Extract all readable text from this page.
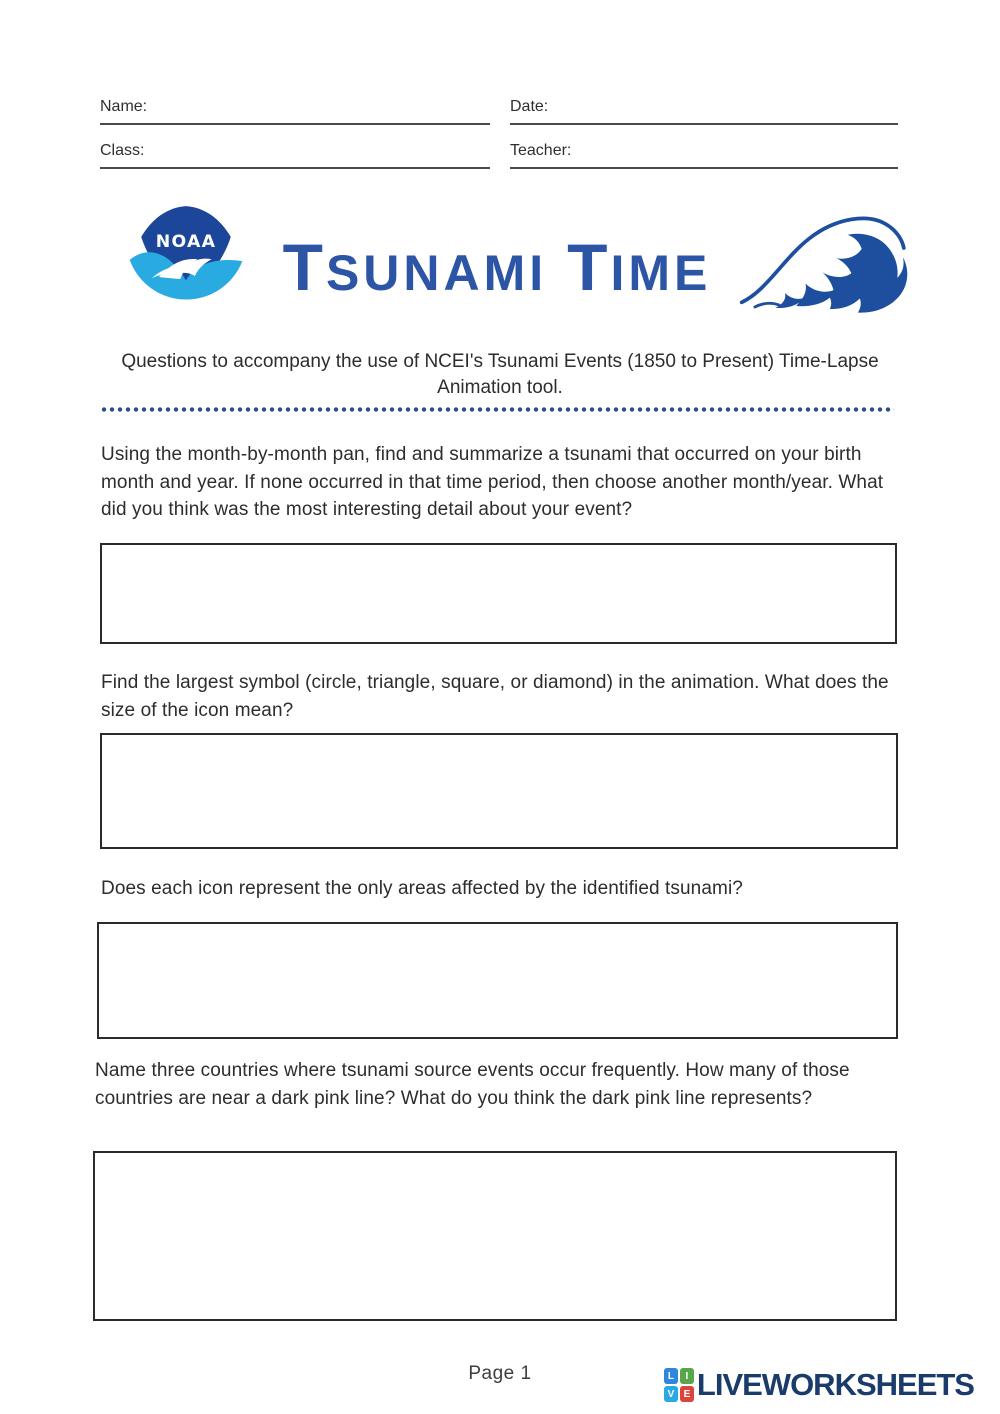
Name:	Date:
Class:	Teacher:
NOAA	TSUNAMI TIME
Questions to accompany the use of NCEI's Tsunami Events (1850 to Present) Time-Lapse Animation tool.
Using the month-by-month pan, find and summarize a tsunami that occurred on your birth month and year. If none occurred in that time period, then choose another month/year. What did you think was the most interesting detail about your event?
Find the largest symbol (circle, triangle, square, or diamond) in the animation. What does the size of the icon mean?
Does each icon represent the only areas affected by the identified tsunami?
Name three countries where tsunami source events occur frequently. How many of those countries are near a dark pink line? What do you think the dark pink line represents?
Page 1	L I
V E LIVEWORKSHEETS
